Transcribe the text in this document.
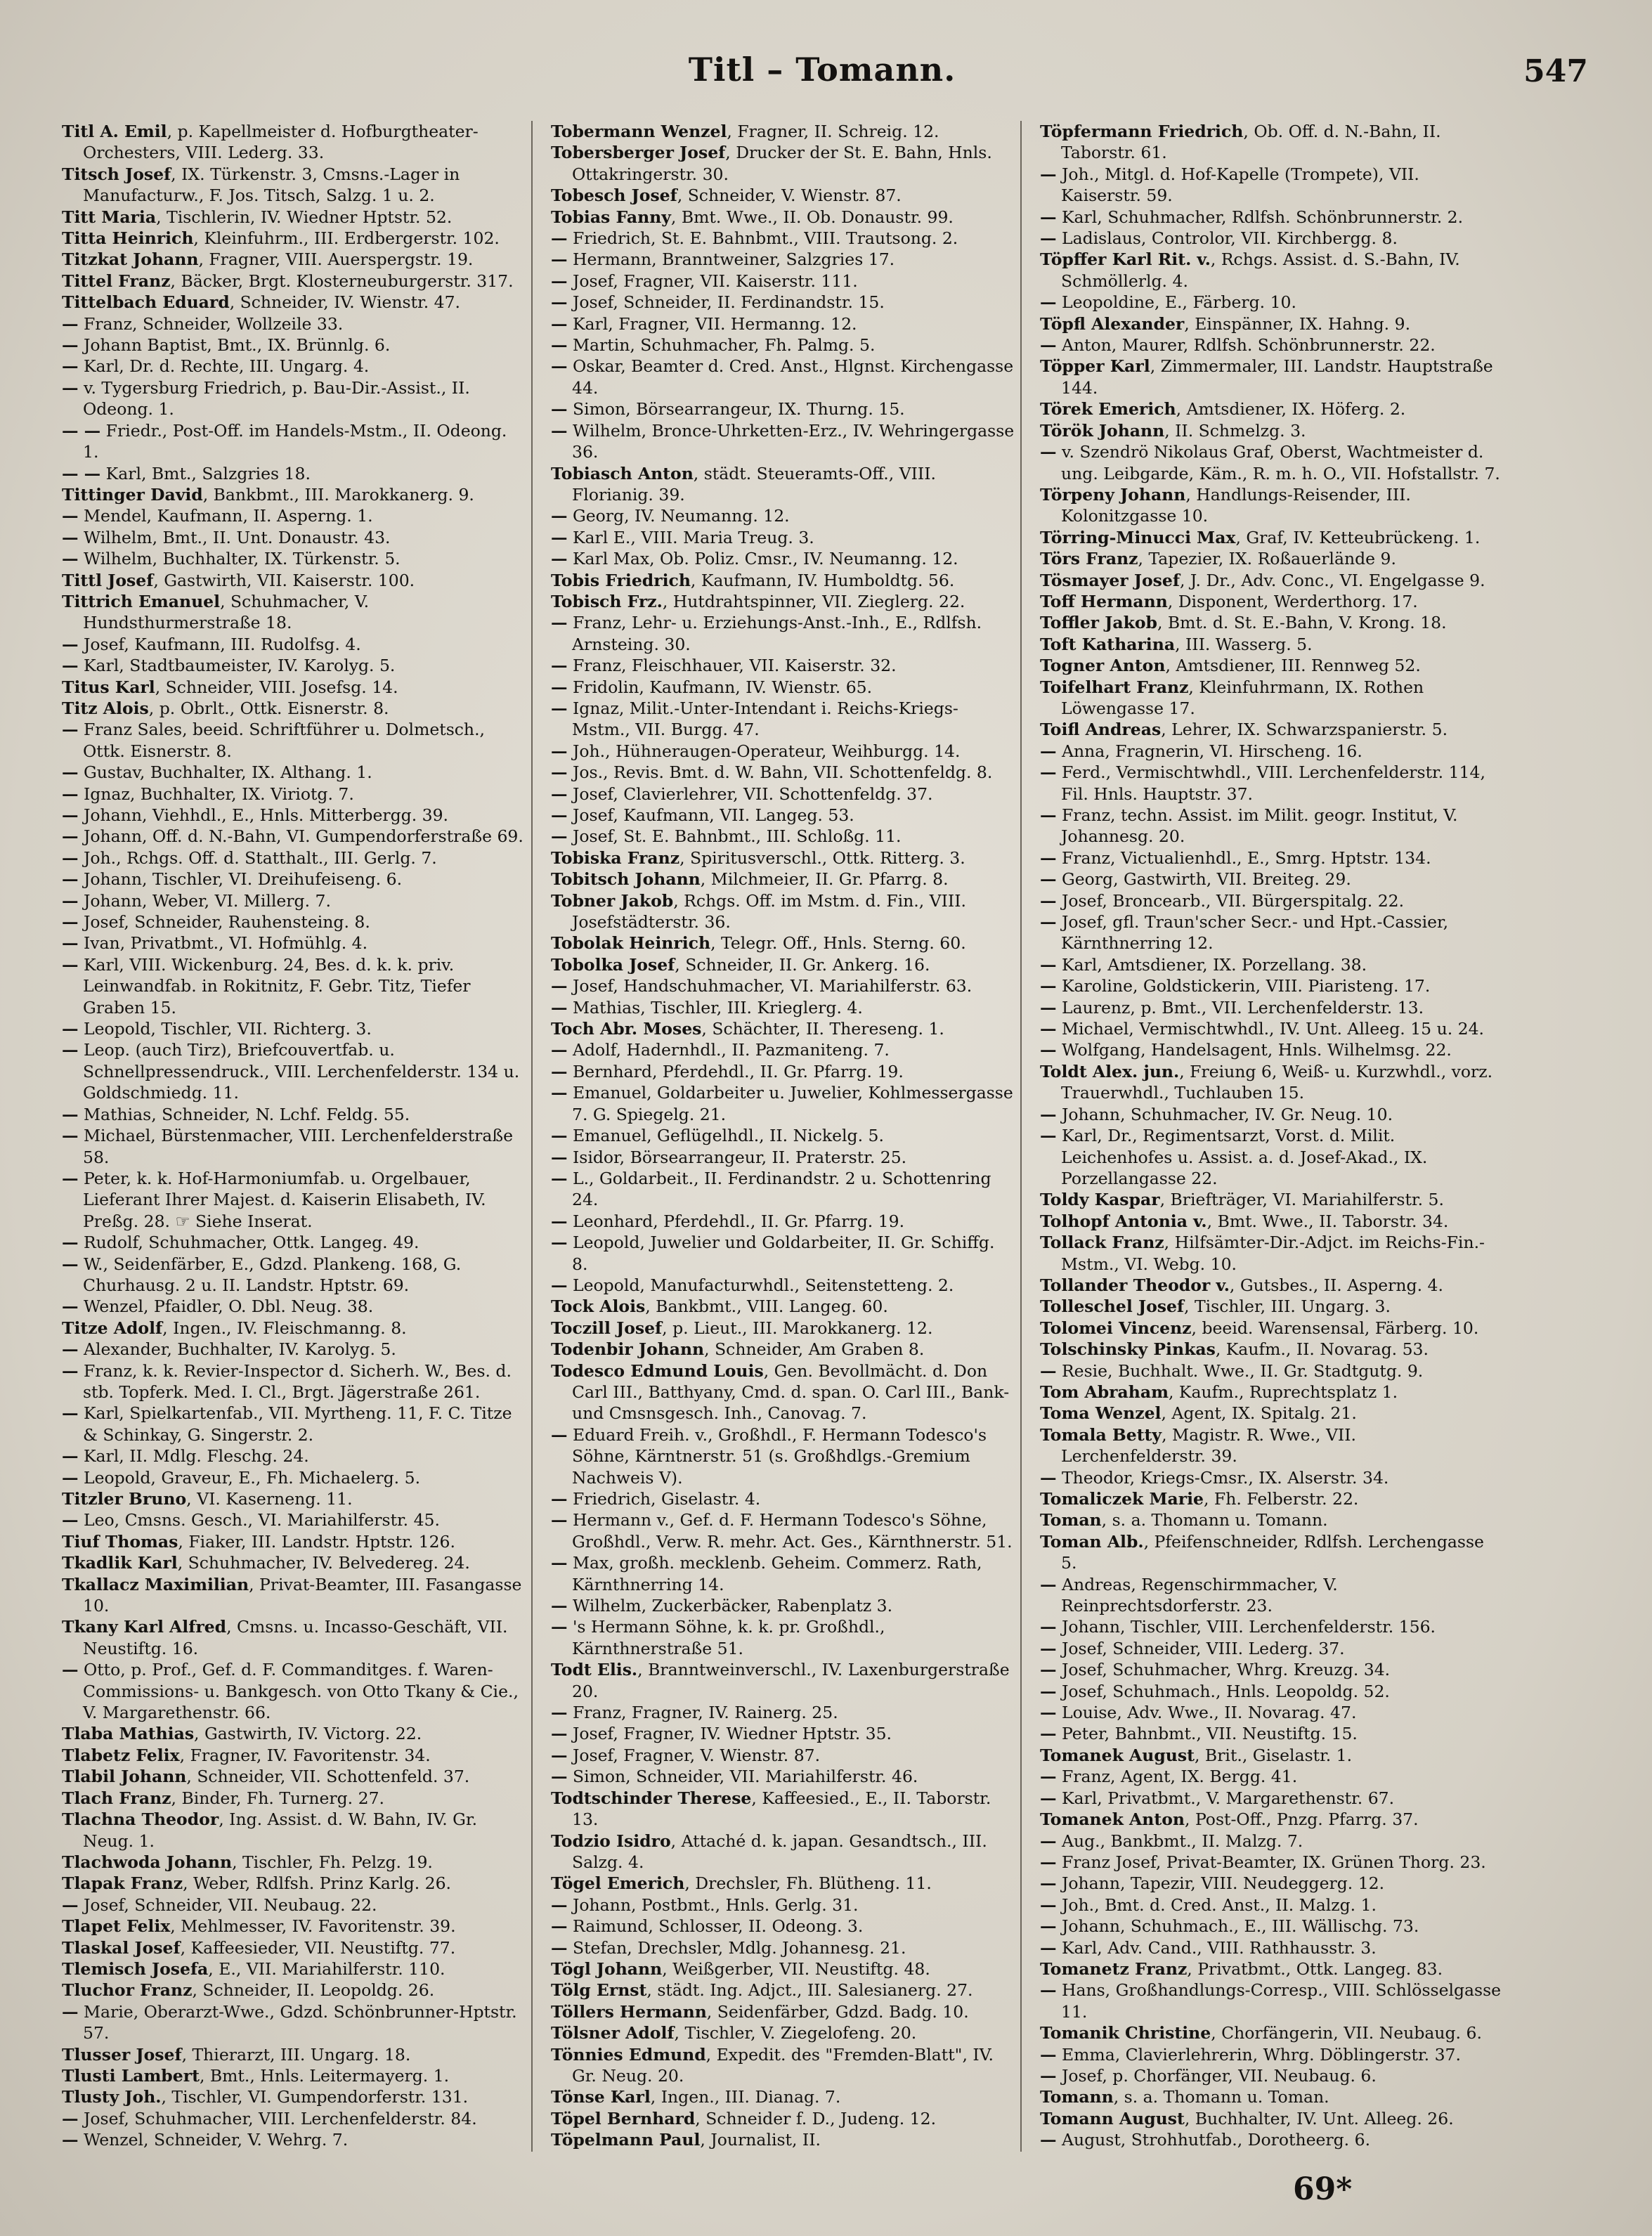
Titl – Tomann.	547
Titl A. Emil, p. Kapellmeister d. Hofburgtheater-Orchesters, VIII. Lederg. 33.
Titsch Josef, IX. Türkenstr. 3, Cmsns.-Lager in Manufacturw., F. Jos. Titsch, Salzg. 1 u. 2.
Titt Maria, Tischlerin, IV. Wiedner Hptstr. 52.
Titta Heinrich, Kleinfuhrm., III. Erdbergerstr. 102.
Titzkat Johann, Fragner, VIII. Auerspergstr. 19.
Tittel Franz, Bäcker, Brgt. Klosterneuburgerstr. 317.
Tittelbach Eduard, Schneider, IV. Wienstr. 47.
— Franz, Schneider, Wollzeile 33.
— Johann Baptist, Bmt., IX. Brünnlg. 6.
— Karl, Dr. d. Rechte, III. Ungarg. 4.
— v. Tygersburg Friedrich, p. Bau-Dir.-Assist., II. Odeong. 1.
— — Friedr., Post-Off. im Handels-Mstm., II. Odeong. 1.
— — Karl, Bmt., Salzgries 18.
Tittinger David, Bankbmt., III. Marokkanerg. 9.
— Mendel, Kaufmann, II. Asperng. 1.
— Wilhelm, Bmt., II. Unt. Donaustr. 43.
— Wilhelm, Buchhalter, IX. Türkenstr. 5.
Tittl Josef, Gastwirth, VII. Kaiserstr. 100.
Tittrich Emanuel, Schuhmacher, V. Hundsthurmerstraße 18.
— Josef, Kaufmann, III. Rudolfsg. 4.
— Karl, Stadtbaumeister, IV. Karolyg. 5.
Titus Karl, Schneider, VIII. Josefsg. 14.
Titz Alois, p. Obrlt., Ottk. Eisnerstr. 8.
— Franz Sales, beeid. Schriftführer u. Dolmetsch., Ottk. Eisnerstr. 8.
— Gustav, Buchhalter, IX. Althang. 1.
— Ignaz, Buchhalter, IX. Viriotg. 7.
— Johann, Viehhdl., E., Hnls. Mitterbergg. 39.
— Johann, Off. d. N.-Bahn, VI. Gumpendorferstraße 69.
— Joh., Rchgs. Off. d. Statthalt., III. Gerlg. 7.
— Johann, Tischler, VI. Dreihufeiseng. 6.
— Johann, Weber, VI. Millerg. 7.
— Josef, Schneider, Rauhensteing. 8.
— Ivan, Privatbmt., VI. Hofmühlg. 4.
— Karl, VIII. Wickenburg. 24, Bes. d. k. k. priv. Leinwandfab. in Rokitnitz, F. Gebr. Titz, Tiefer Graben 15.
— Leopold, Tischler, VII. Richterg. 3.
— Leop. (auch Tirz), Briefcouvertfab. u. Schnellpressendruck., VIII. Lerchenfelderstr. 134 u. Goldschmiedg. 11.
— Mathias, Schneider, N. Lchf. Feldg. 55.
— Michael, Bürstenmacher, VIII. Lerchenfelderstraße 58.
— Peter, k. k. Hof-Harmoniumfab. u. Orgelbauer, Lieferant Ihrer Majest. d. Kaiserin Elisabeth, IV. Preßg. 28. ☞ Siehe Inserat.
— Rudolf, Schuhmacher, Ottk. Langeg. 49.
— W., Seidenfärber, E., Gdzd. Plankeng. 168, G. Churhausg. 2 u. II. Landstr. Hptstr. 69.
— Wenzel, Pfaidler, O. Dbl. Neug. 38.
Titze Adolf, Ingen., IV. Fleischmanng. 8.
— Alexander, Buchhalter, IV. Karolyg. 5.
— Franz, k. k. Revier-Inspector d. Sicherh. W., Bes. d. stb. Topferk. Med. I. Cl., Brgt. Jägerstraße 261.
— Karl, Spielkartenfab., VII. Myrtheng. 11, F. C. Titze & Schinkay, G. Singerstr. 2.
— Karl, II. Mdlg. Fleschg. 24.
— Leopold, Graveur, E., Fh. Michaelerg. 5.
Titzler Bruno, VI. Kaserneng. 11.
— Leo, Cmsns. Gesch., VI. Mariahilferstr. 45.
Tiuf Thomas, Fiaker, III. Landstr. Hptstr. 126.
Tkadlik Karl, Schuhmacher, IV. Belvedereg. 24.
Tkallacz Maximilian, Privat-Beamter, III. Fasangasse 10.
Tkany Karl Alfred, Cmsns. u. Incasso-Geschäft, VII. Neustiftg. 16.
— Otto, p. Prof., Gef. d. F. Commanditges. f. Waren-Commissions- u. Bankgesch. von Otto Tkany & Cie., V. Margarethenstr. 66.
Tlaba Mathias, Gastwirth, IV. Victorg. 22.
Tlabetz Felix, Fragner, IV. Favoritenstr. 34.
Tlabil Johann, Schneider, VII. Schottenfeld. 37.
Tlach Franz, Binder, Fh. Turnerg. 27.
Tlachna Theodor, Ing. Assist. d. W. Bahn, IV. Gr. Neug. 1.
Tlachwoda Johann, Tischler, Fh. Pelzg. 19.
Tlapak Franz, Weber, Rdlfsh. Prinz Karlg. 26.
— Josef, Schneider, VII. Neubaug. 22.
Tlapet Felix, Mehlmesser, IV. Favoritenstr. 39.
Tlaskal Josef, Kaffeesieder, VII. Neustiftg. 77.
Tlemisch Josefa, E., VII. Mariahilferstr. 110.
Tluchor Franz, Schneider, II. Leopoldg. 26.
— Marie, Oberarzt-Wwe., Gdzd. Schönbrunner-Hptstr. 57.
Tlusser Josef, Thierarzt, III. Ungarg. 18.
Tlusti Lambert, Bmt., Hnls. Leitermayerg. 1.
Tlusty Joh., Tischler, VI. Gumpendorferstr. 131.
— Josef, Schuhmacher, VIII. Lerchenfelderstr. 84.
— Wenzel, Schneider, V. Wehrg. 7.
Tobermann Wenzel, Fragner, II. Schreig. 12.
Tobersberger Josef, Drucker der St. E. Bahn, Hnls. Ottakringerstr. 30.
Tobesch Josef, Schneider, V. Wienstr. 87.
Tobias Fanny, Bmt. Wwe., II. Ob. Donaustr. 99.
— Friedrich, St. E. Bahnbmt., VIII. Trautsong. 2.
— Hermann, Branntweiner, Salzgries 17.
— Josef, Fragner, VII. Kaiserstr. 111.
— Josef, Schneider, II. Ferdinandstr. 15.
— Karl, Fragner, VII. Hermanng. 12.
— Martin, Schuhmacher, Fh. Palmg. 5.
— Oskar, Beamter d. Cred. Anst., Hlgnst. Kirchengasse 44.
— Simon, Börsearrangeur, IX. Thurng. 15.
— Wilhelm, Bronce-Uhrketten-Erz., IV. Wehringergasse 36.
Tobiasch Anton, städt. Steueramts-Off., VIII. Florianig. 39.
— Georg, IV. Neumanng. 12.
— Karl E., VIII. Maria Treug. 3.
— Karl Max, Ob. Poliz. Cmsr., IV. Neumanng. 12.
Tobis Friedrich, Kaufmann, IV. Humboldtg. 56.
Tobisch Frz., Hutdrahtspinner, VII. Zieglerg. 22.
— Franz, Lehr- u. Erziehungs-Anst.-Inh., E., Rdlfsh. Arnsteing. 30.
— Franz, Fleischhauer, VII. Kaiserstr. 32.
— Fridolin, Kaufmann, IV. Wienstr. 65.
— Ignaz, Milit.-Unter-Intendant i. Reichs-Kriegs-Mstm., VII. Burgg. 47.
— Joh., Hühneraugen-Operateur, Weihburgg. 14.
— Jos., Revis. Bmt. d. W. Bahn, VII. Schottenfeldg. 8.
— Josef, Clavierlehrer, VII. Schottenfeldg. 37.
— Josef, Kaufmann, VII. Langeg. 53.
— Josef, St. E. Bahnbmt., III. Schloßg. 11.
Tobiska Franz, Spiritusverschl., Ottk. Ritterg. 3.
Tobitsch Johann, Milchmeier, II. Gr. Pfarrg. 8.
Tobner Jakob, Rchgs. Off. im Mstm. d. Fin., VIII. Josefstädterstr. 36.
Tobolak Heinrich, Telegr. Off., Hnls. Sterng. 60.
Tobolka Josef, Schneider, II. Gr. Ankerg. 16.
— Josef, Handschuhmacher, VI. Mariahilferstr. 63.
— Mathias, Tischler, III. Krieglerg. 4.
Toch Abr. Moses, Schächter, II. Thereseng. 1.
— Adolf, Hadernhdl., II. Pazmaniteng. 7.
— Bernhard, Pferdehdl., II. Gr. Pfarrg. 19.
— Emanuel, Goldarbeiter u. Juwelier, Kohlmessergasse 7. G. Spiegelg. 21.
— Emanuel, Geflügelhdl., II. Nickelg. 5.
— Isidor, Börsearrangeur, II. Praterstr. 25.
— L., Goldarbeit., II. Ferdinandstr. 2 u. Schottenring 24.
— Leonhard, Pferdehdl., II. Gr. Pfarrg. 19.
— Leopold, Juwelier und Goldarbeiter, II. Gr. Schiffg. 8.
— Leopold, Manufacturwhdl., Seitenstetteng. 2.
Tock Alois, Bankbmt., VIII. Langeg. 60.
Toczill Josef, p. Lieut., III. Marokkanerg. 12.
Todenbir Johann, Schneider, Am Graben 8.
Todesco Edmund Louis, Gen. Bevollmächt. d. Don Carl III., Batthyany, Cmd. d. span. O. Carl III., Bank- und Cmsnsgesch. Inh., Canovag. 7.
— Eduard Freih. v., Großhdl., F. Hermann Todesco's Söhne, Kärntnerstr. 51 (s. Großhdlgs.-Gremium Nachweis V).
— Friedrich, Giselastr. 4.
— Hermann v., Gef. d. F. Hermann Todesco's Söhne, Großhdl., Verw. R. mehr. Act. Ges., Kärnthnerstr. 51.
— Max, großh. mecklenb. Geheim. Commerz. Rath, Kärnthnerring 14.
— Wilhelm, Zuckerbäcker, Rabenplatz 3.
— 's Hermann Söhne, k. k. pr. Großhdl., Kärnthnerstraße 51.
Todt Elis., Branntweinverschl., IV. Laxenburgerstraße 20.
— Franz, Fragner, IV. Rainerg. 25.
— Josef, Fragner, IV. Wiedner Hptstr. 35.
— Josef, Fragner, V. Wienstr. 87.
— Simon, Schneider, VII. Mariahilferstr. 46.
Todtschinder Therese, Kaffeesied., E., II. Taborstr. 13.
Todzio Isidro, Attaché d. k. japan. Gesandtsch., III. Salzg. 4.
Tögel Emerich, Drechsler, Fh. Blütheng. 11.
— Johann, Postbmt., Hnls. Gerlg. 31.
— Raimund, Schlosser, II. Odeong. 3.
— Stefan, Drechsler, Mdlg. Johannesg. 21.
Tögl Johann, Weißgerber, VII. Neustiftg. 48.
Tölg Ernst, städt. Ing. Adjct., III. Salesianerg. 27.
Töllers Hermann, Seidenfärber, Gdzd. Badg. 10.
Tölsner Adolf, Tischler, V. Ziegelofeng. 20.
Tönnies Edmund, Expedit. des "Fremden-Blatt", IV. Gr. Neug. 20.
Tönse Karl, Ingen., III. Dianag. 7.
Töpel Bernhard, Schneider f. D., Judeng. 12.
Töpelmann Paul, Journalist, II.
Töpfermann Friedrich, Ob. Off. d. N.-Bahn, II. Taborstr. 61.
— Joh., Mitgl. d. Hof-Kapelle (Trompete), VII. Kaiserstr. 59.
— Karl, Schuhmacher, Rdlfsh. Schönbrunnerstr. 2.
— Ladislaus, Controlor, VII. Kirchbergg. 8.
Töpffer Karl Rit. v., Rchgs. Assist. d. S.-Bahn, IV. Schmöllerlg. 4.
— Leopoldine, E., Färberg. 10.
Töpfl Alexander, Einspänner, IX. Hahng. 9.
— Anton, Maurer, Rdlfsh. Schönbrunnerstr. 22.
Töpper Karl, Zimmermaler, III. Landstr. Hauptstraße 144.
Törek Emerich, Amtsdiener, IX. Höferg. 2.
Török Johann, II. Schmelzg. 3.
— v. Szendrö Nikolaus Graf, Oberst, Wachtmeister d. ung. Leibgarde, Käm., R. m. h. O., VII. Hofstallstr. 7.
Törpeny Johann, Handlungs-Reisender, III. Kolonitzgasse 10.
Törring-Minucci Max, Graf, IV. Ketteubrückeng. 1.
Törs Franz, Tapezier, IX. Roßauerlände 9.
Tösmayer Josef, J. Dr., Adv. Conc., VI. Engelgasse 9.
Toff Hermann, Disponent, Werderthorg. 17.
Toffler Jakob, Bmt. d. St. E.-Bahn, V. Krong. 18.
Toft Katharina, III. Wasserg. 5.
Togner Anton, Amtsdiener, III. Rennweg 52.
Toifelhart Franz, Kleinfuhrmann, IX. Rothen Löwengasse 17.
Toifl Andreas, Lehrer, IX. Schwarzspanierstr. 5.
— Anna, Fragnerin, VI. Hirscheng. 16.
— Ferd., Vermischtwhdl., VIII. Lerchenfelderstr. 114, Fil. Hnls. Hauptstr. 37.
— Franz, techn. Assist. im Milit. geogr. Institut, V. Johannesg. 20.
— Franz, Victualienhdl., E., Smrg. Hptstr. 134.
— Georg, Gastwirth, VII. Breiteg. 29.
— Josef, Broncearb., VII. Bürgerspitalg. 22.
— Josef, gfl. Traun'scher Secr.- und Hpt.-Cassier, Kärnthnerring 12.
— Karl, Amtsdiener, IX. Porzellang. 38.
— Karoline, Goldstickerin, VIII. Piaristeng. 17.
— Laurenz, p. Bmt., VII. Lerchenfelderstr. 13.
— Michael, Vermischtwhdl., IV. Unt. Alleeg. 15 u. 24.
— Wolfgang, Handelsagent, Hnls. Wilhelmsg. 22.
Toldt Alex. jun., Freiung 6, Weiß- u. Kurzwhdl., vorz. Trauerwhdl., Tuchlauben 15.
— Johann, Schuhmacher, IV. Gr. Neug. 10.
— Karl, Dr., Regimentsarzt, Vorst. d. Milit. Leichenhofes u. Assist. a. d. Josef-Akad., IX. Porzellangasse 22.
Toldy Kaspar, Briefträger, VI. Mariahilferstr. 5.
Tolhopf Antonia v., Bmt. Wwe., II. Taborstr. 34.
Tollack Franz, Hilfsämter-Dir.-Adjct. im Reichs-Fin.-Mstm., VI. Webg. 10.
Tollander Theodor v., Gutsbes., II. Asperng. 4.
Tolleschel Josef, Tischler, III. Ungarg. 3.
Tolomei Vincenz, beeid. Warensensal, Färberg. 10.
Tolschinsky Pinkas, Kaufm., II. Novarag. 53.
— Resie, Buchhalt. Wwe., II. Gr. Stadtgutg. 9.
Tom Abraham, Kaufm., Ruprechtsplatz 1.
Toma Wenzel, Agent, IX. Spitalg. 21.
Tomala Betty, Magistr. R. Wwe., VII. Lerchenfelderstr. 39.
— Theodor, Kriegs-Cmsr., IX. Alserstr. 34.
Tomaliczek Marie, Fh. Felberstr. 22.
Toman, s. a. Thomann u. Tomann.
Toman Alb., Pfeifenschneider, Rdlfsh. Lerchengasse 5.
— Andreas, Regenschirmmacher, V. Reinprechtsdorferstr. 23.
— Johann, Tischler, VIII. Lerchenfelderstr. 156.
— Josef, Schneider, VIII. Lederg. 37.
— Josef, Schuhmacher, Whrg. Kreuzg. 34.
— Josef, Schuhmach., Hnls. Leopoldg. 52.
— Louise, Adv. Wwe., II. Novarag. 47.
— Peter, Bahnbmt., VII. Neustiftg. 15.
Tomanek August, Brit., Giselastr. 1.
— Franz, Agent, IX. Bergg. 41.
— Karl, Privatbmt., V. Margarethenstr. 67.
Tomanek Anton, Post-Off., Pnzg. Pfarrg. 37.
— Aug., Bankbmt., II. Malzg. 7.
— Franz Josef, Privat-Beamter, IX. Grünen Thorg. 23.
— Johann, Tapezir, VIII. Neudeggerg. 12.
— Joh., Bmt. d. Cred. Anst., II. Malzg. 1.
— Johann, Schuhmach., E., III. Wällischg. 73.
— Karl, Adv. Cand., VIII. Rathhausstr. 3.
Tomanetz Franz, Privatbmt., Ottk. Langeg. 83.
— Hans, Großhandlungs-Corresp., VIII. Schlösselgasse 11.
Tomanik Christine, Chorfängerin, VII. Neubaug. 6.
— Emma, Clavierlehrerin, Whrg. Döblingerstr. 37.
— Josef, p. Chorfänger, VII. Neubaug. 6.
Tomann, s. a. Thomann u. Toman.
Tomann August, Buchhalter, IV. Unt. Alleeg. 26.
— August, Strohhutfab., Dorotheerg. 6.
69*
